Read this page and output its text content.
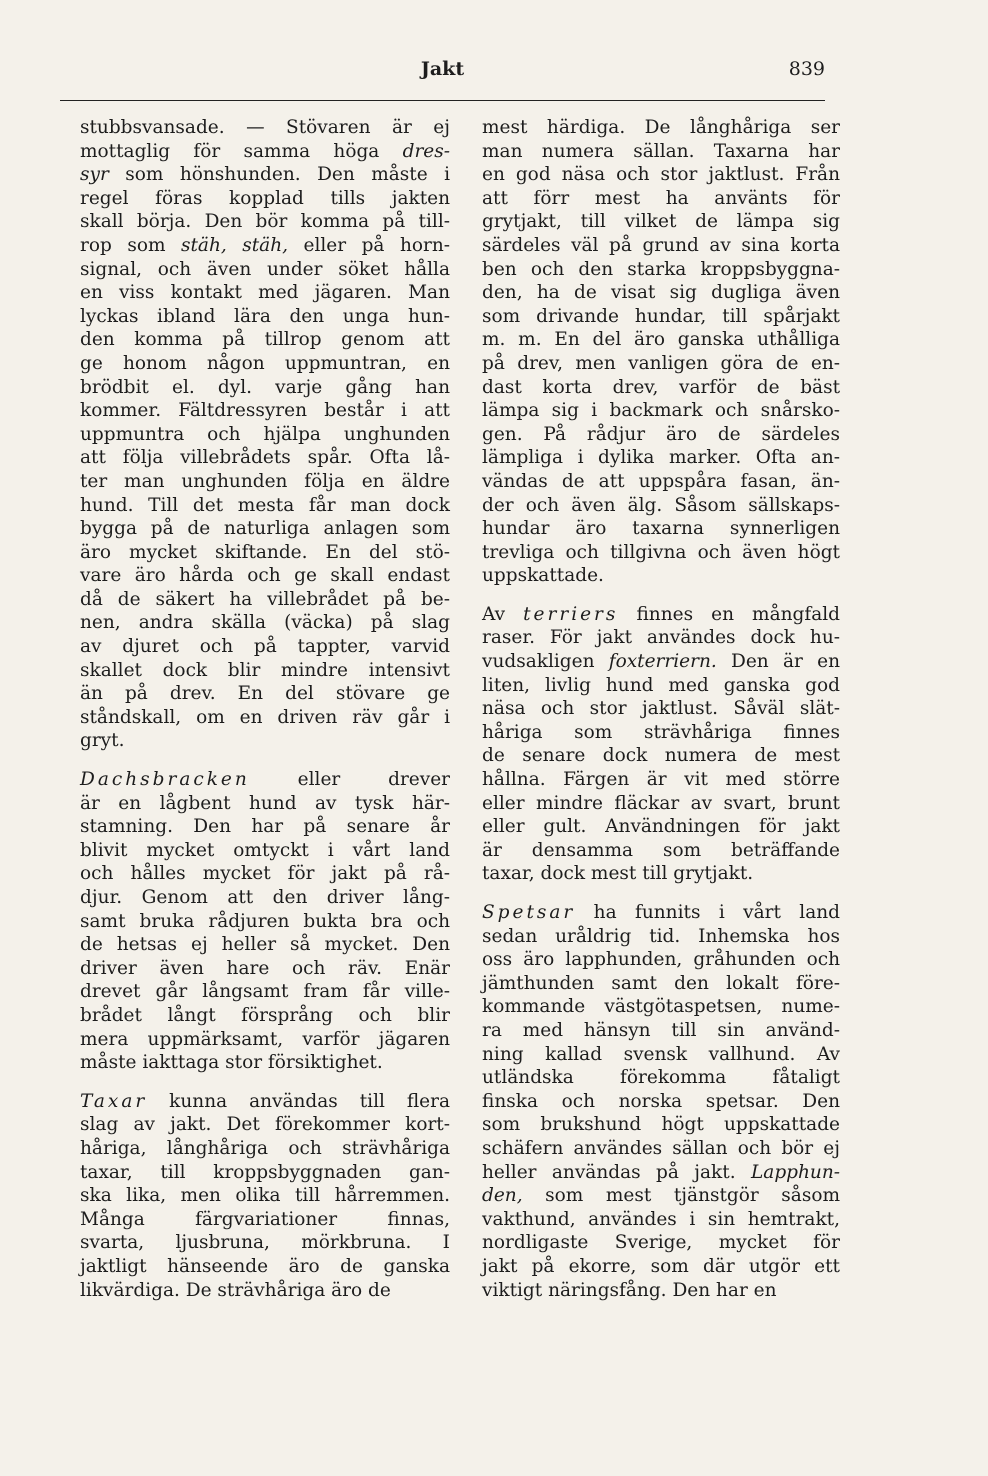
Jakt	839
stubbsvansade. — Stövaren är ej
mottaglig för samma höga dres-
syr som hönshunden. Den måste i
regel föras kopplad tills jakten
skall börja. Den bör komma på till-
rop som stäh, stäh, eller på horn-
signal, och även under söket hålla
en viss kontakt med jägaren. Man
lyckas ibland lära den unga hun-
den komma på tillrop genom att
ge honom någon uppmuntran, en
brödbit el. dyl. varje gång han
kommer. Fältdressyren består i att
uppmuntra och hjälpa unghunden
att följa villebrådets spår. Ofta lå-
ter man unghunden följa en äldre
hund. Till det mesta får man dock
bygga på de naturliga anlagen som
äro mycket skiftande. En del stö-
vare äro hårda och ge skall endast
då de säkert ha villebrådet på be-
nen, andra skälla (väcka) på slag
av djuret och på tappter, varvid
skallet dock blir mindre intensivt
än på drev. En del stövare ge
ståndskall, om en driven räv går i
gryt.
Dachsbracken eller drever
är en lågbent hund av tysk här-
stamning. Den har på senare år
blivit mycket omtyckt i vårt land
och hålles mycket för jakt på rå-
djur. Genom att den driver lång-
samt bruka rådjuren bukta bra och
de hetsas ej heller så mycket. Den
driver även hare och räv. Enär
drevet går långsamt fram får ville-
brådet långt försprång och blir
mera uppmärksamt, varför jägaren
måste iakttaga stor försiktighet.
Taxar kunna användas till flera
slag av jakt. Det förekommer kort-
håriga, långhåriga och strävhåriga
taxar, till kroppsbyggnaden gan-
ska lika, men olika till hårremmen.
Många färgvariationer finnas,
svarta, ljusbruna, mörkbruna. I
jaktligt hänseende äro de ganska
likvärdiga. De strävhåriga äro de
mest härdiga. De långhåriga ser
man numera sällan. Taxarna har
en god näsa och stor jaktlust. Från
att förr mest ha använts för
grytjakt, till vilket de lämpa sig
särdeles väl på grund av sina korta
ben och den starka kroppsbyggna-
den, ha de visat sig dugliga även
som drivande hundar, till spårjakt
m. m. En del äro ganska uthålliga
på drev, men vanligen göra de en-
dast korta drev, varför de bäst
lämpa sig i backmark och snårsko-
gen. På rådjur äro de särdeles
lämpliga i dylika marker. Ofta an-
vändas de att uppspåra fasan, än-
der och även älg. Såsom sällskaps-
hundar äro taxarna synnerligen
trevliga och tillgivna och även högt
uppskattade.
Av terriers finnes en mångfald
raser. För jakt användes dock hu-
vudsakligen foxterriern. Den är en
liten, livlig hund med ganska god
näsa och stor jaktlust. Såväl slät-
håriga som strävhåriga finnes
de senare dock numera de mest
hållna. Färgen är vit med större
eller mindre fläckar av svart, brunt
eller gult. Användningen för jakt
är densamma som beträffande
taxar, dock mest till grytjakt.
Spetsar ha funnits i vårt land
sedan uråldrig tid. Inhemska hos
oss äro lapphunden, gråhunden och
jämthunden samt den lokalt före-
kommande västgötaspetsen, nume-
ra med hänsyn till sin använd-
ning kallad svensk vallhund. Av
utländska förekomma fåtaligt
finska och norska spetsar. Den
som brukshund högt uppskattade
schäfern användes sällan och bör ej
heller användas på jakt. Lapphun-
den, som mest tjänstgör såsom
vakthund, användes i sin hemtrakt,
nordligaste Sverige, mycket för
jakt på ekorre, som där utgör ett
viktigt näringsfång. Den har en
